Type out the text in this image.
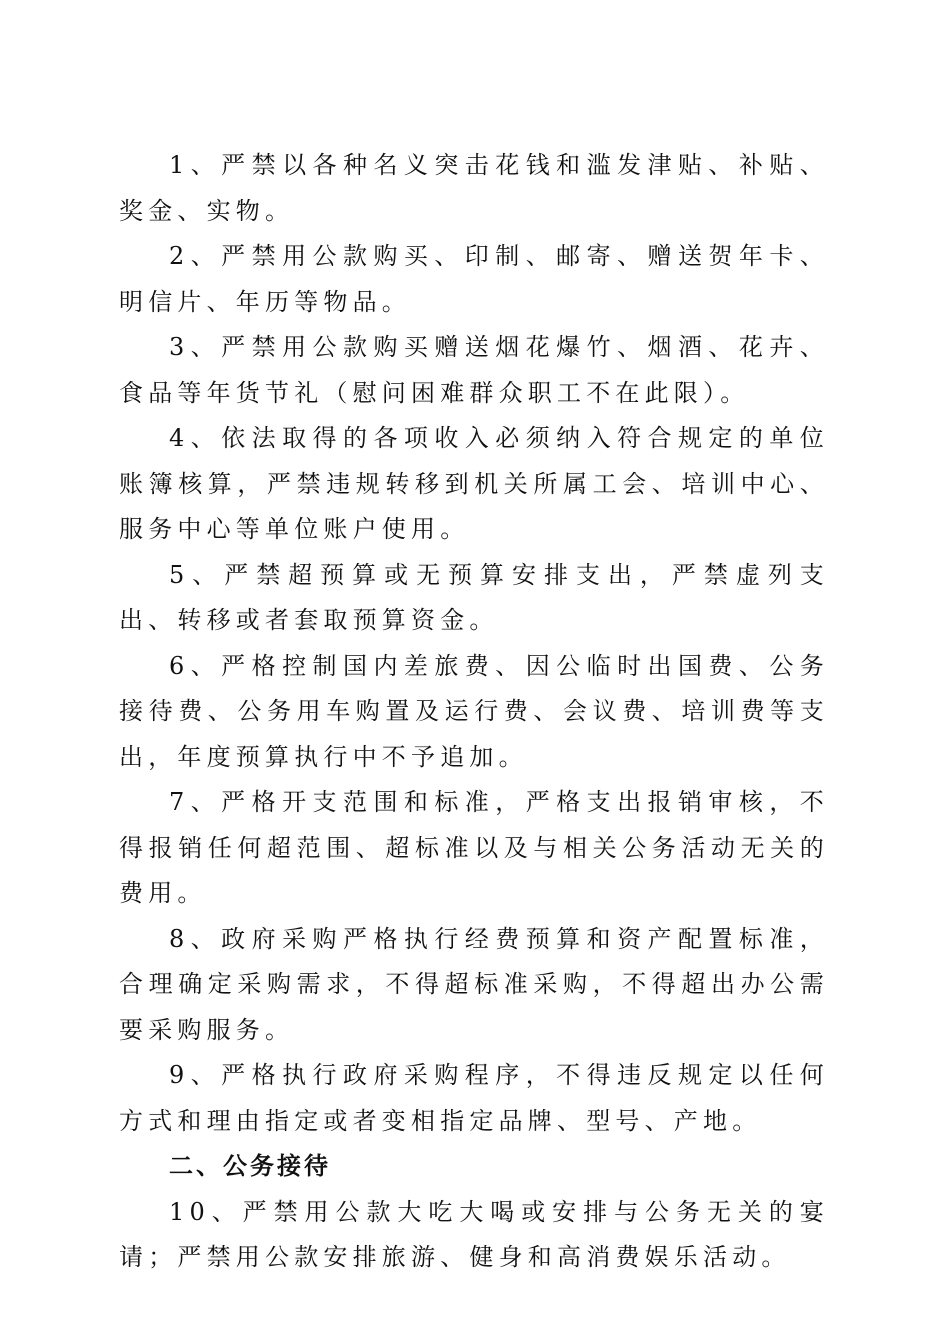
1、严禁以各种名义突击花钱和滥发津贴、补贴、奖金、实物。

2、严禁用公款购买、印制、邮寄、赠送贺年卡、明信片、年历等物品。

3、严禁用公款购买赠送烟花爆竹、烟酒、花卉、食品等年货节礼（慰问困难群众职工不在此限）。

4、依法取得的各项收入必须纳入符合规定的单位账簿核算，严禁违规转移到机关所属工会、培训中心、服务中心等单位账户使用。

5、严禁超预算或无预算安排支出，严禁虚列支出、转移或者套取预算资金。

6、严格控制国内差旅费、因公临时出国费、公务接待费、公务用车购置及运行费、会议费、培训费等支出，年度预算执行中不予追加。

7、严格开支范围和标准，严格支出报销审核，不得报销任何超范围、超标准以及与相关公务活动无关的费用。

8、政府采购严格执行经费预算和资产配置标准，合理确定采购需求，不得超标准采购，不得超出办公需要采购服务。

9、严格执行政府采购程序，不得违反规定以任何方式和理由指定或者变相指定品牌、型号、产地。

二、公务接待

10、严禁用公款大吃大喝或安排与公务无关的宴请；严禁用公款安排旅游、健身和高消费娱乐活动。
